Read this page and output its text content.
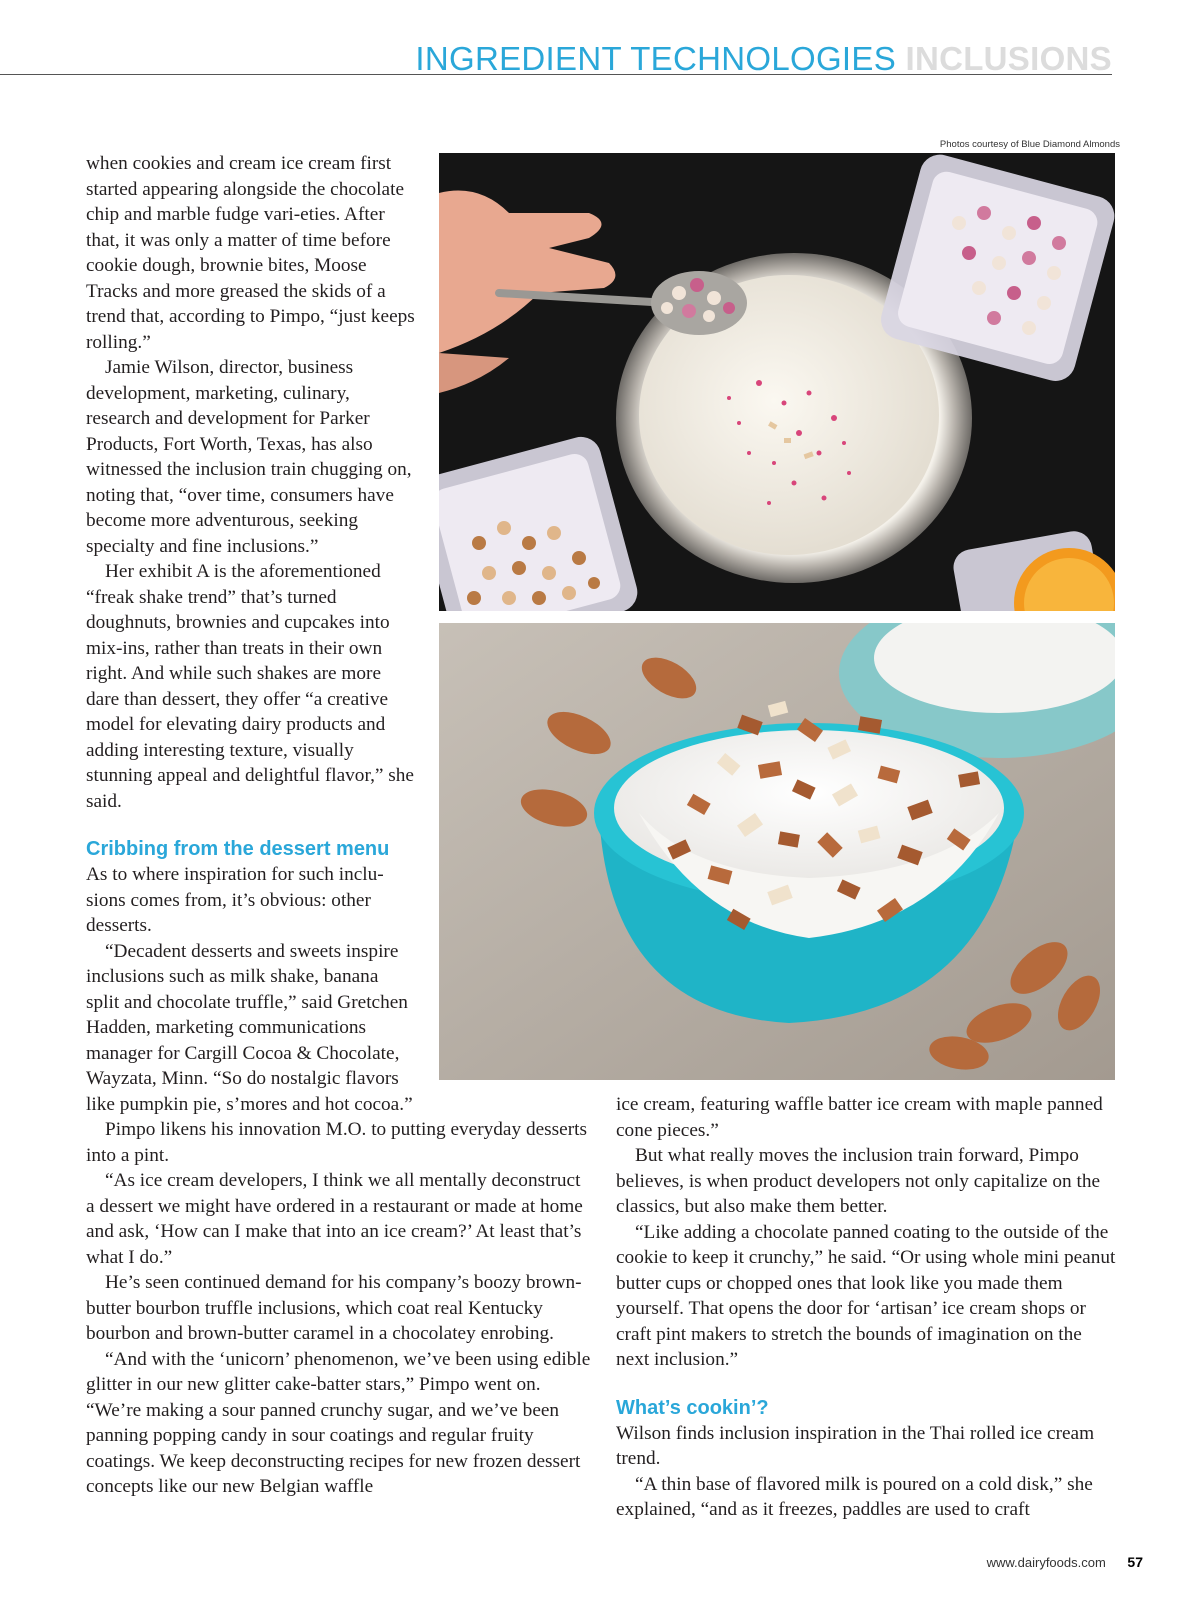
INGREDIENT TECHNOLOGIES INCLUSIONS
Photos courtesy of Blue Diamond Almonds

when cookies and cream ice cream first started appearing alongside the chocolate chip and marble fudge vari-eties. After that, it was only a matter of time before cookie dough, brownie bites, Moose Tracks and more greased the skids of a trend that, according to Pimpo, “just keeps rolling.”

Jamie Wilson, director, business development, marketing, culinary, research and development for Parker Products, Fort Worth, Texas, has also witnessed the inclusion train chugging on, noting that, “over time, consumers have become more adventurous, seeking specialty and fine inclusions.”

Her exhibit A is the aforementioned “freak shake trend” that’s turned doughnuts, brownies and cupcakes into mix-ins, rather than treats in their own right. And while such shakes are more dare than dessert, they offer “a creative model for elevating dairy products and adding interesting texture, visually stunning appeal and delightful flavor,” she said.

Cribbing from the dessert menu

As to where inspiration for such inclu-sions comes from, it’s obvious: other desserts.

“Decadent desserts and sweets inspire inclusions such as milk shake, banana split and chocolate truffle,” said Gretchen Hadden, marketing communications manager for Cargill Cocoa & Chocolate, Wayzata, Minn. “So do nostalgic flavors like pumpkin pie, s’mores and hot cocoa.”

Pimpo likens his innovation M.O. to putting everyday desserts into a pint.

“As ice cream developers, I think we all mentally deconstruct a dessert we might have ordered in a restaurant or made at home and ask, ‘How can I make that into an ice cream?’ At least that’s what I do.”

He’s seen continued demand for his company’s boozy brown-butter bourbon truffle inclusions, which coat real Kentucky bourbon and brown-butter caramel in a chocolatey enrobing.

“And with the ‘unicorn’ phenomenon, we’ve been using edible glitter in our new glitter cake-batter stars,” Pimpo went on. “We’re making a sour panned crunchy sugar, and we’ve been panning popping candy in sour coatings and regular fruity coatings. We keep deconstructing recipes for new frozen dessert concepts like our new Belgian waffle

ice cream, featuring waffle batter ice cream with maple panned cone pieces.”

But what really moves the inclusion train forward, Pimpo believes, is when product developers not only capitalize on the classics, but also make them better.

“Like adding a chocolate panned coating to the outside of the cookie to keep it crunchy,” he said. “Or using whole mini peanut butter cups or chopped ones that look like you made them yourself. That opens the door for ‘artisan’ ice cream shops or craft pint makers to stretch the bounds of imagination on the next inclusion.”

What’s cookin’?

Wilson finds inclusion inspiration in the Thai rolled ice cream trend.

“A thin base of flavored milk is poured on a cold disk,” she explained, “and as it freezes, paddles are used to craft

www.dairyfoods.com 57
